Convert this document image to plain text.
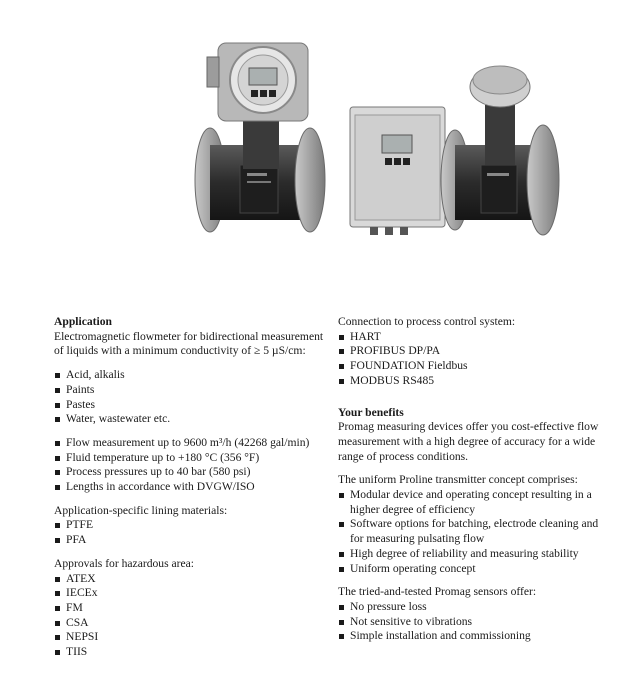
Application

Electromagnetic flowmeter for bidirectional measurement of liquids with a minimum conductivity of ≥ 5 µS/cm:

Acid, alkalis
Paints
Pastes
Water, wastewater etc.
Flow measurement up to 9600 m³/h (42268 gal/min)
Fluid temperature up to +180 °C (356 °F)
Process pressures up to 40 bar (580 psi)
Lengths in accordance with DVGW/ISO

Application-specific lining materials:

PTFE
PFA

Approvals for hazardous area:

ATEX
IECEx
FM
CSA
NEPSI
TIIS

Connection to process control system:

HART
PROFIBUS DP/PA
FOUNDATION Fieldbus
MODBUS RS485
Your benefits

Promag measuring devices offer you cost-effective flow measurement with a high degree of accuracy for a wide range of process conditions.

The uniform Proline transmitter concept comprises:

Modular device and operating concept resulting in a higher degree of efficiency
Software options for batching, electrode cleaning and for measuring pulsating flow
High degree of reliability and measuring stability
Uniform operating concept

The tried-and-tested Promag sensors offer:

No pressure loss
Not sensitive to vibrations
Simple installation and commissioning
